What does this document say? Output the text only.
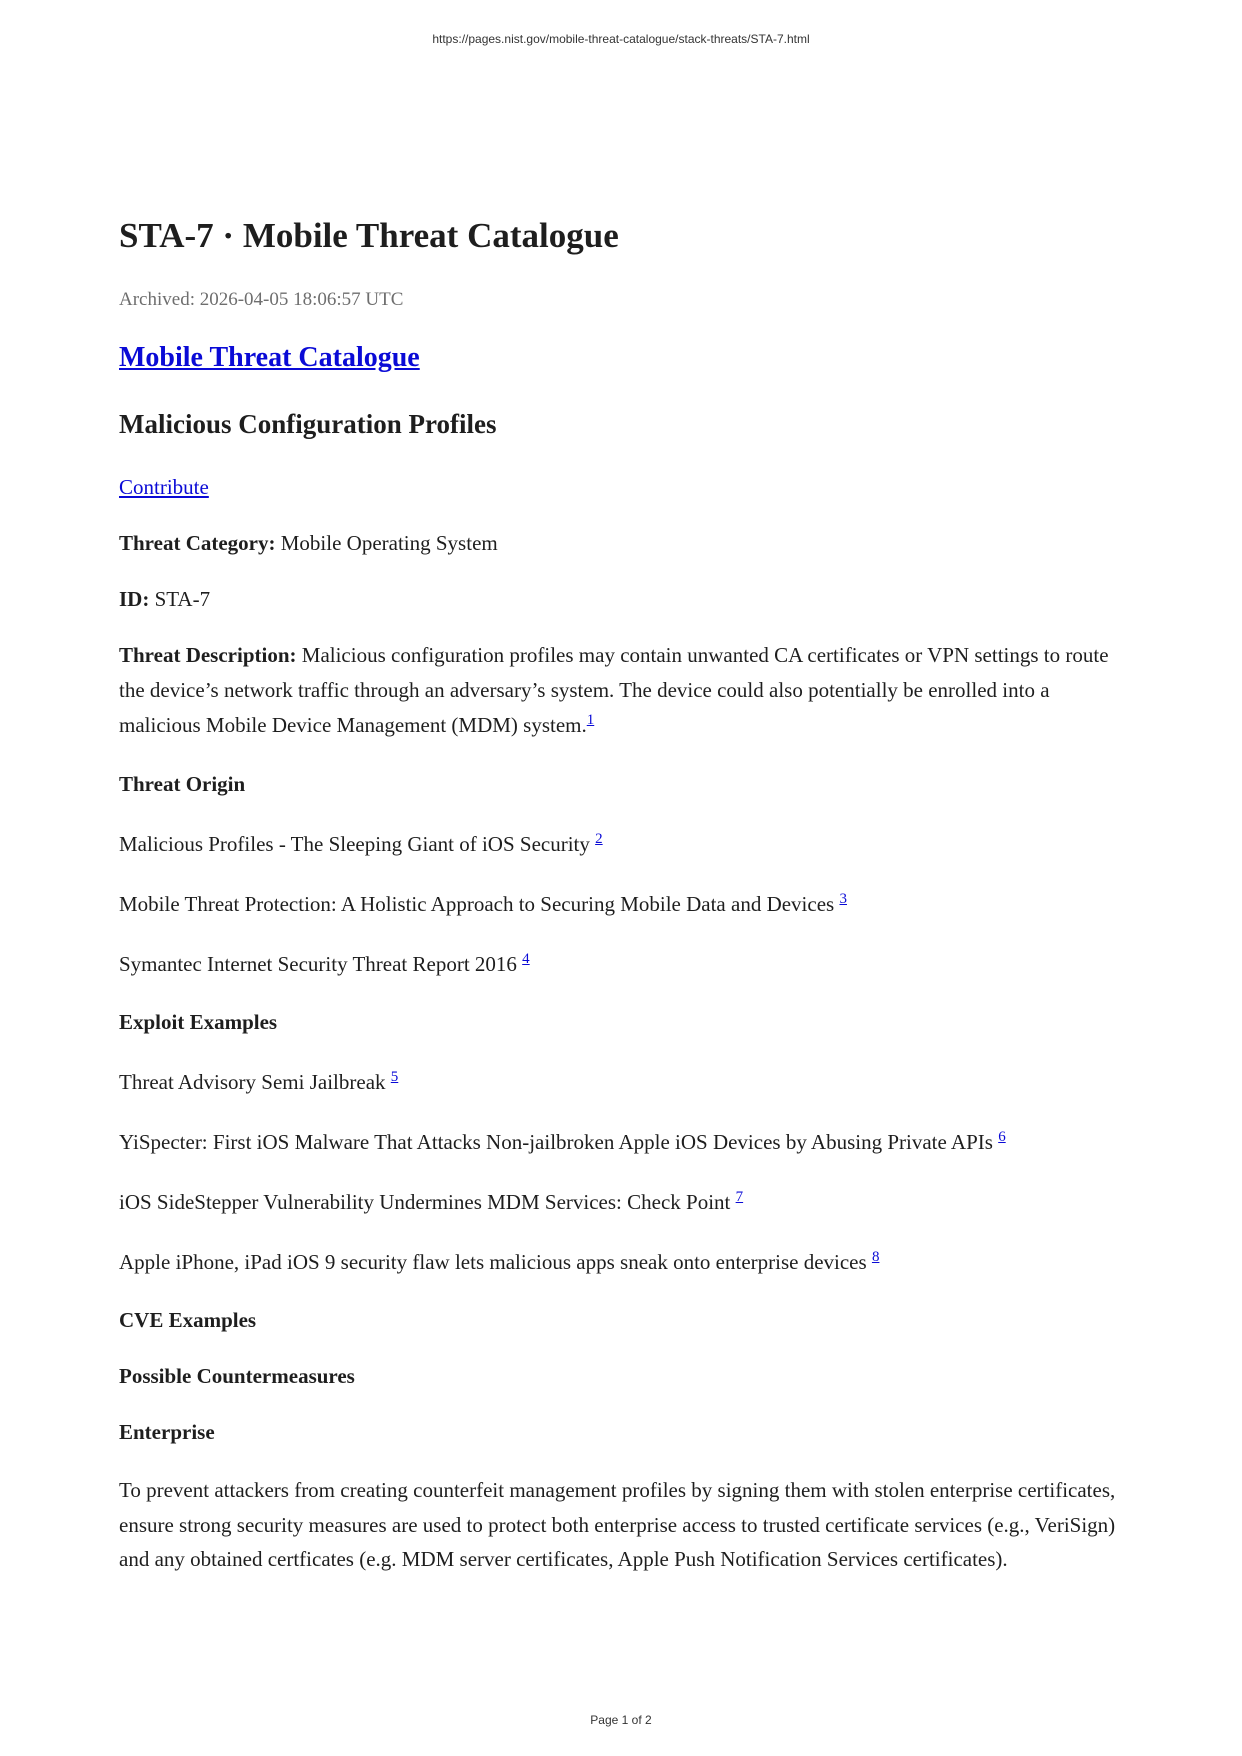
https://pages.nist.gov/mobile-threat-catalogue/stack-threats/STA-7.html
STA-7 · Mobile Threat Catalogue
Archived: 2026-04-05 18:06:57 UTC
Mobile Threat Catalogue
Malicious Configuration Profiles
Contribute

Threat Category: Mobile Operating System

ID: STA-7

Threat Description: Malicious configuration profiles may contain unwanted CA certificates or VPN settings to route the device’s network traffic through an adversary’s system. The device could also potentially be enrolled into a malicious Mobile Device Management (MDM) system.$^1$

Threat Origin

Malicious Profiles - The Sleeping Giant of iOS Security $^2$

Mobile Threat Protection: A Holistic Approach to Securing Mobile Data and Devices $^3$

Symantec Internet Security Threat Report 2016 $^4$

Exploit Examples

Threat Advisory Semi Jailbreak $^5$

YiSpecter: First iOS Malware That Attacks Non-jailbroken Apple iOS Devices by Abusing Private APIs $^6$

iOS SideStepper Vulnerability Undermines MDM Services: Check Point $^7$

Apple iPhone, iPad iOS 9 security flaw lets malicious apps sneak onto enterprise devices $^8$

CVE Examples

Possible Countermeasures

Enterprise

To prevent attackers from creating counterfeit management profiles by signing them with stolen enterprise certificates, ensure strong security measures are used to protect both enterprise access to trusted certificate services (e.g., VeriSign) and any obtained certficates (e.g. MDM server certificates, Apple Push Notification Services certificates).

Page 1 of 2
